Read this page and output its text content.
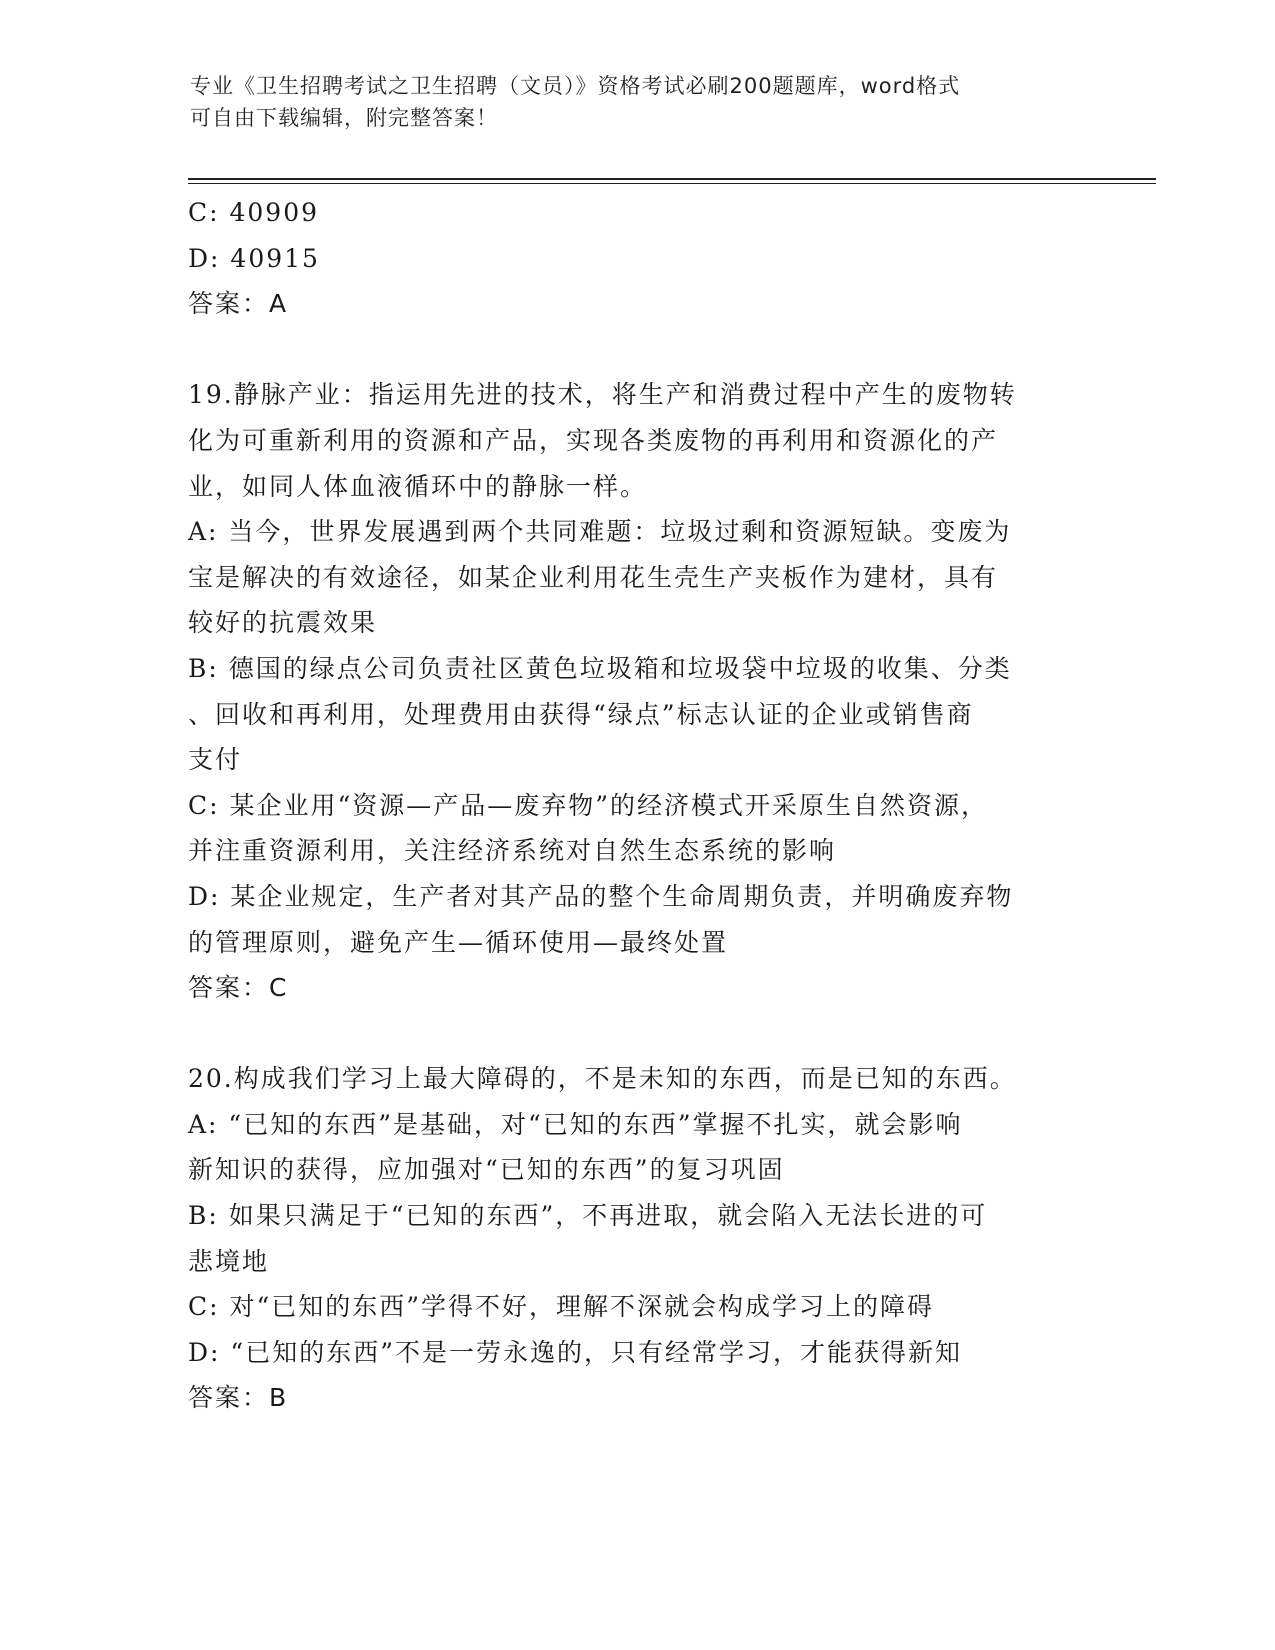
专业《卫生招聘考试之卫生招聘（文员）》资格考试必刷200题题库，word格式
可自由下载编辑，附完整答案！

C: 40909

D: 40915

答案：A

19.静脉产业：指运用先进的技术，将生产和消费过程中产生的废物转

化为可重新利用的资源和产品，实现各类废物的再利用和资源化的产

业，如同人体血液循环中的静脉一样。

A: 当今，世界发展遇到两个共同难题：垃圾过剩和资源短缺。变废为

宝是解决的有效途径，如某企业利用花生壳生产夹板作为建材，具有

较好的抗震效果

B: 德国的绿点公司负责社区黄色垃圾箱和垃圾袋中垃圾的收集、分类

、回收和再利用，处理费用由获得“绿点”标志认证的企业或销售商

支付

C: 某企业用“资源—产品—废弃物”的经济模式开采原生自然资源，

并注重资源利用，关注经济系统对自然生态系统的影响

D: 某企业规定，生产者对其产品的整个生命周期负责，并明确废弃物

的管理原则，避免产生—循环使用—最终处置

答案：C

20.构成我们学习上最大障碍的，不是未知的东西，而是已知的东西。

A: “已知的东西”是基础，对“已知的东西”掌握不扎实，就会影响

新知识的获得，应加强对“已知的东西”的复习巩固

B: 如果只满足于“已知的东西”，不再进取，就会陷入无法长进的可

悲境地

C: 对“已知的东西”学得不好，理解不深就会构成学习上的障碍

D: “已知的东西”不是一劳永逸的，只有经常学习，才能获得新知

答案：B
